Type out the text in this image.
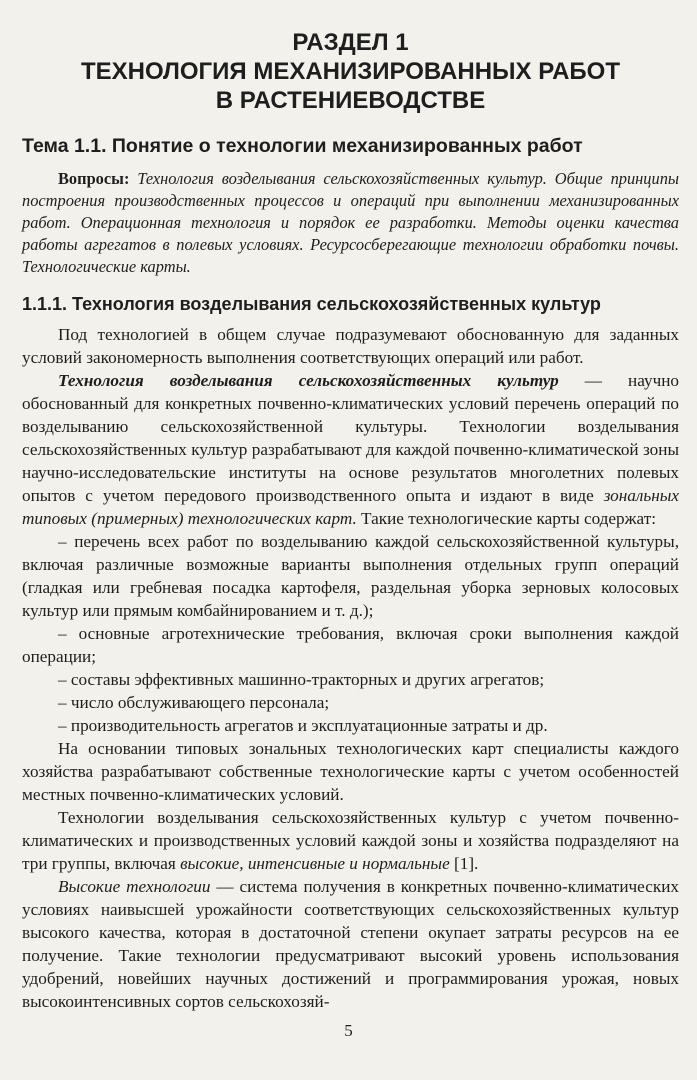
РАЗДЕЛ 1
ТЕХНОЛОГИЯ МЕХАНИЗИРОВАННЫХ РАБОТ
В РАСТЕНИЕВОДСТВЕ
Тема 1.1. Понятие о технологии механизированных работ

Вопросы: Технология возделывания сельскохозяйственных культур. Общие принципы построения производственных процессов и операций при выполнении механизированных работ. Операционная технология и порядок ее разработки. Методы оценки качества работы агрегатов в полевых условиях. Ресурсосберегающие технологии обработки почвы. Технологические карты.

1.1.1. Технология возделывания сельскохозяйственных культур

Под технологией в общем случае подразумевают обоснованную для заданных условий закономерность выполнения соответствующих операций или работ.

Технология возделывания сельскохозяйственных культур — научно обоснованный для конкретных почвенно-климатических условий перечень операций по возделыванию сельскохозяйственной культуры. Технологии возделывания сельскохозяйственных культур разрабатывают для каждой почвенно-климатической зоны научно-исследовательские институты на основе результатов многолетних полевых опытов с учетом передового производственного опыта и издают в виде зональных типовых (примерных) технологических карт. Такие технологические карты содержат:

– перечень всех работ по возделыванию каждой сельскохозяйственной культуры, включая различные возможные варианты выполнения отдельных групп операций (гладкая или гребневая посадка картофеля, раздельная уборка зерновых колосовых культур или прямым комбайнированием и т. д.);

– основные агротехнические требования, включая сроки выполнения каждой операции;

– составы эффективных машинно-тракторных и других агрегатов;

– число обслуживающего персонала;

– производительность агрегатов и эксплуатационные затраты и др.

На основании типовых зональных технологических карт специалисты каждого хозяйства разрабатывают собственные технологические карты с учетом особенностей местных почвенно-климатических условий.

Технологии возделывания сельскохозяйственных культур с учетом почвенно-климатических и производственных условий каждой зоны и хозяйства подразделяют на три группы, включая высокие, интенсивные и нормальные [1].

Высокие технологии — система получения в конкретных почвенно-климатических условиях наивысшей урожайности соответствующих сельскохозяйственных культур высокого качества, которая в достаточной степени окупает затраты ресурсов на ее получение. Такие технологии предусматривают высокий уровень использования удобрений, новейших научных достижений и программирования урожая, новых высокоинтенсивных сортов сельскохозяй-

5
